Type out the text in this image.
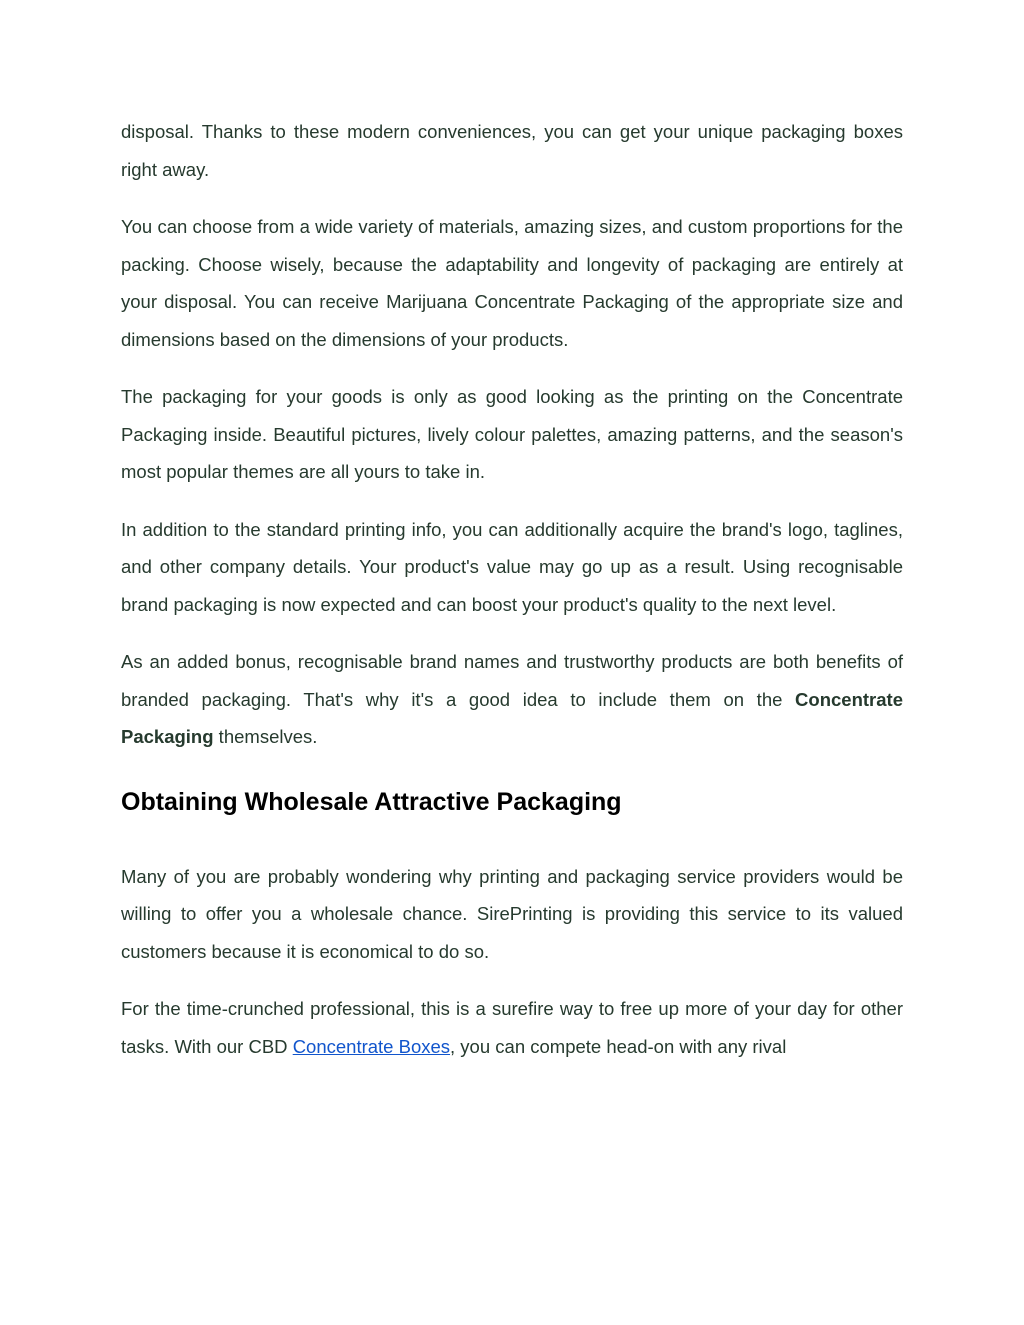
disposal. Thanks to these modern conveniences, you can get your unique packaging boxes right away.

You can choose from a wide variety of materials, amazing sizes, and custom proportions for the packing. Choose wisely, because the adaptability and longevity of packaging are entirely at your disposal. You can receive Marijuana Concentrate Packaging of the appropriate size and dimensions based on the dimensions of your products.

The packaging for your goods is only as good looking as the printing on the Concentrate Packaging inside. Beautiful pictures, lively colour palettes, amazing patterns, and the season's most popular themes are all yours to take in.

In addition to the standard printing info, you can additionally acquire the brand's logo, taglines, and other company details. Your product's value may go up as a result. Using recognisable brand packaging is now expected and can boost your product's quality to the next level.

As an added bonus, recognisable brand names and trustworthy products are both benefits of branded packaging. That's why it's a good idea to include them on the Concentrate Packaging themselves.

Obtaining Wholesale Attractive Packaging

Many of you are probably wondering why printing and packaging service providers would be willing to offer you a wholesale chance. SirePrinting is providing this service to its valued customers because it is economical to do so.

For the time-crunched professional, this is a surefire way to free up more of your day for other tasks. With our CBD Concentrate Boxes, you can compete head-on with any rival
